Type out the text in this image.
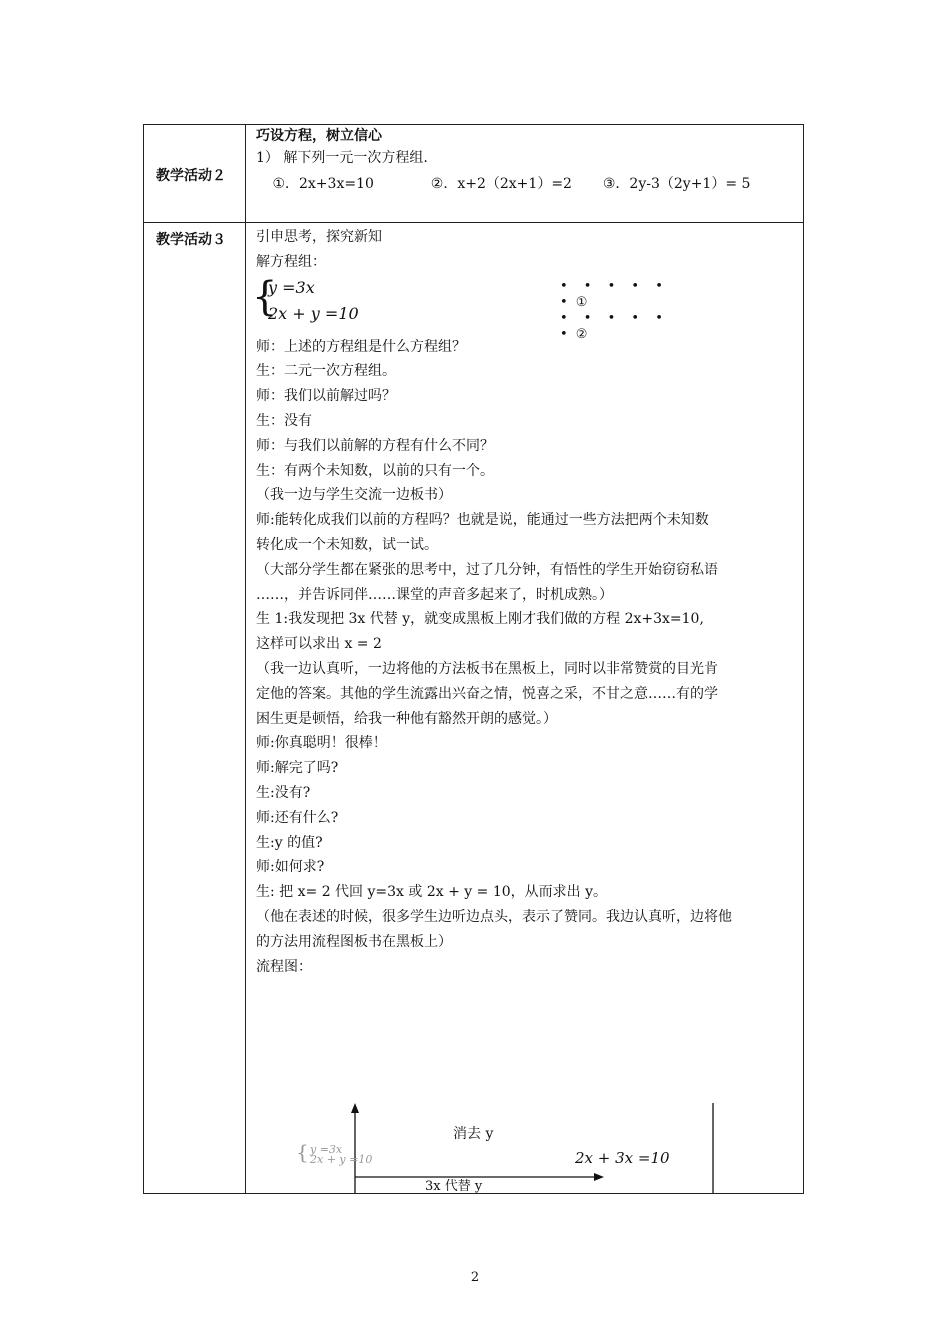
教学活动２
巧设方程，树立信心
1） 解下列一元一次方程组.
①．2x+3x=10	②．x+2（2x+1）=2 ③．2y-3（2y+1）= 5
教学活动３ 引申思考，探究新知
解方程组：
{
y =3x
2x + y =10
• • • • •
• ①
• • • • •
• ②
师：上述的方程组是什么方程组？
生：二元一次方程组。
师：我们以前解过吗？
生：没有
师：与我们以前解的方程有什么不同？
生：有两个未知数，以前的只有一个。
（我一边与学生交流一边板书）
师:能转化成我们以前的方程吗？也就是说，能通过一些方法把两个未知数
转化成一个未知数，试一试。
（大部分学生都在紧张的思考中，过了几分钟，有悟性的学生开始窃窃私语
……，并告诉同伴……课堂的声音多起来了，时机成熟。）
生 1:我发现把 3x 代替 y，就变成黑板上刚才我们做的方程 2x+3x=10,
这样可以求出 x = 2
（我一边认真听，一边将他的方法板书在黑板上，同时以非常赞赏的目光肯
定他的答案。其他的学生流露出兴奋之情，悦喜之采，不甘之意……有的学
困生更是顿悟，给我一种他有豁然开朗的感觉。）
师:你真聪明！很棒！
师:解完了吗?
生:没有?
师:还有什么?
生:y 的值?
师:如何求?
生: 把 x= 2 代回 y=3x 或 2x + y = 10，从而求出 y。
（他在表述的时候，很多学生边听边点头，表示了赞同。我边认真听，边将他
的方法用流程图板书在黑板上）
流程图：
消去 y
2x + 3x =10
3x 代替 y
{ y =3x
2x + y =10
2
